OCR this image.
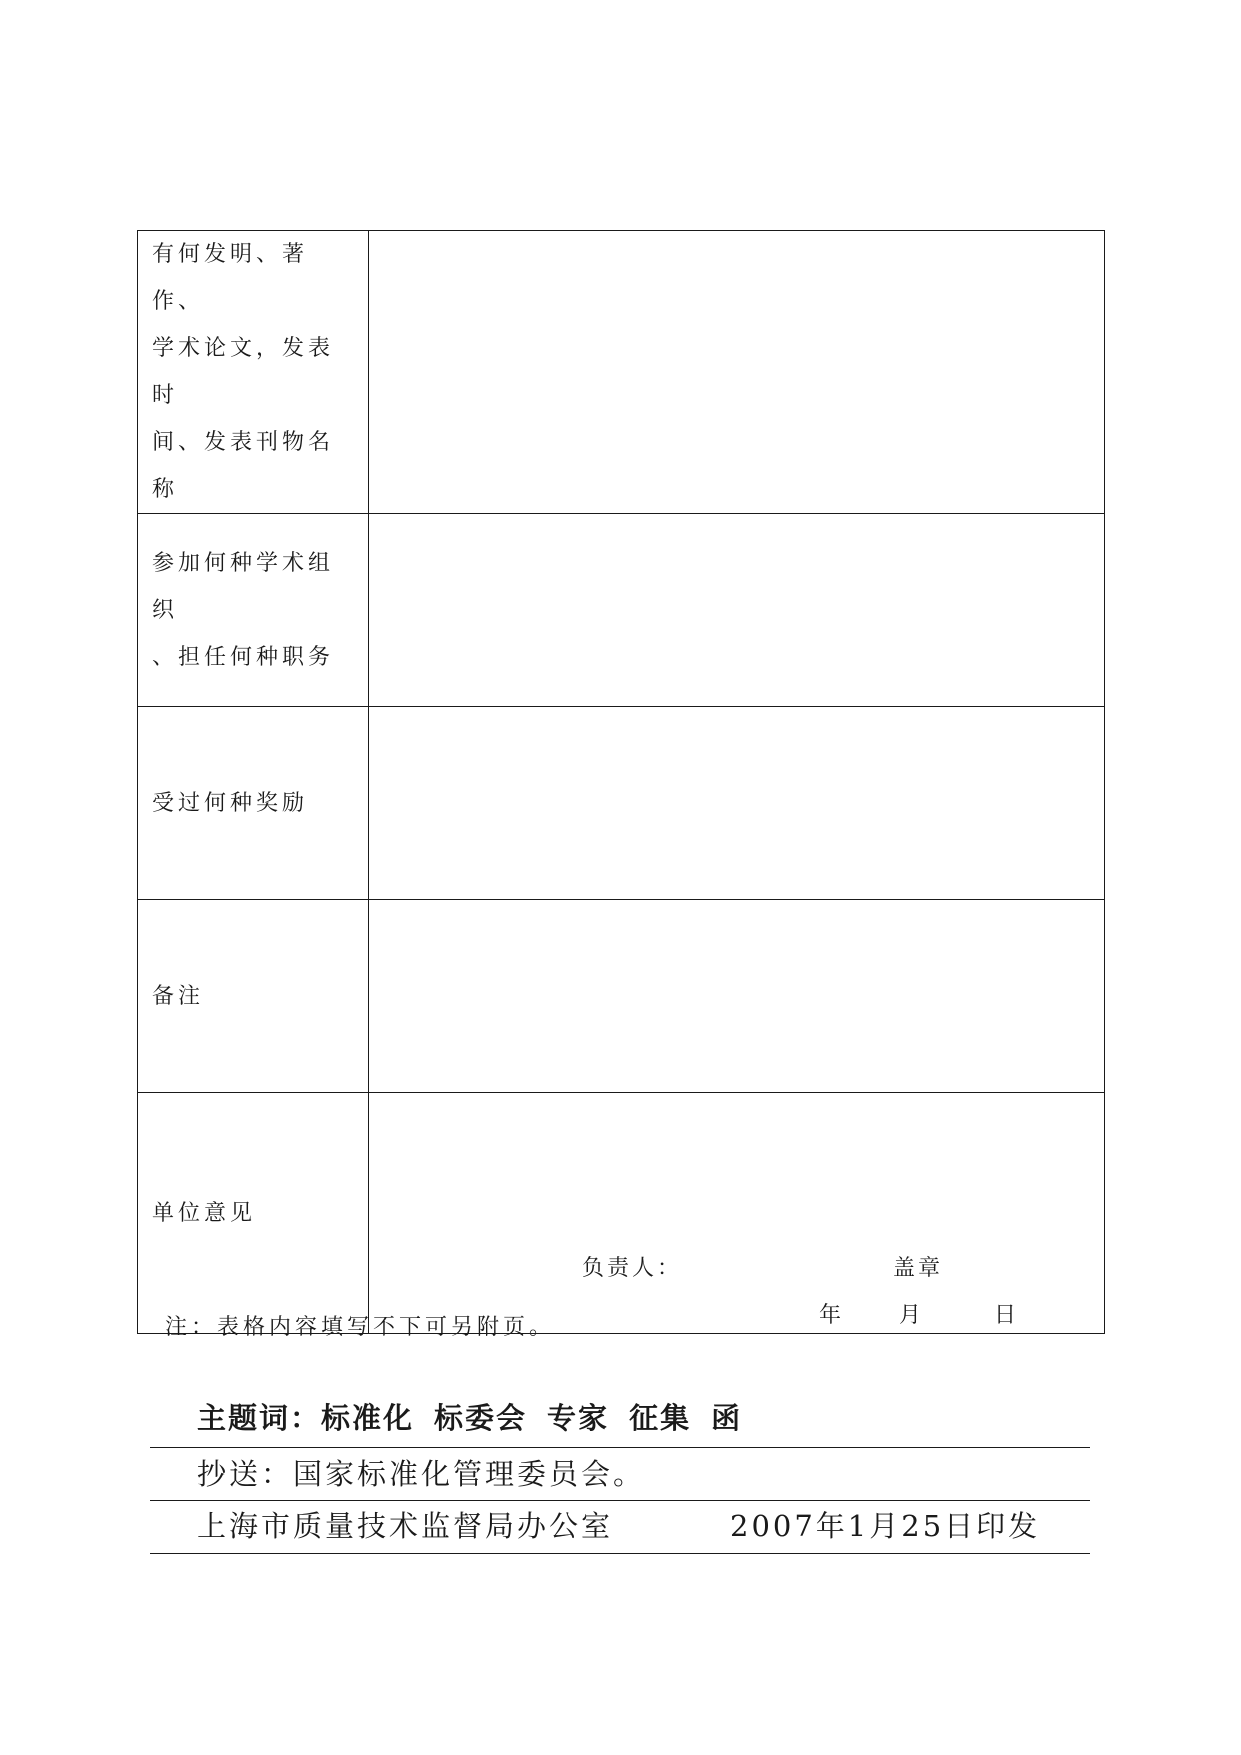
有何发明、著作、
学术论文，发表时
间、发表刊物名称	

参加何种学术组织
、担任何种职务	

受过何种奖励	

备注	

单位意见	负责人： 盖章
年 月 日
注：表格内容填写不下可另附页。
主题词：标准化 标委会 专家 征集 函
抄送：国家标准化管理委员会。
上海市质量技术监督局办公室	2007年1月25日印发
